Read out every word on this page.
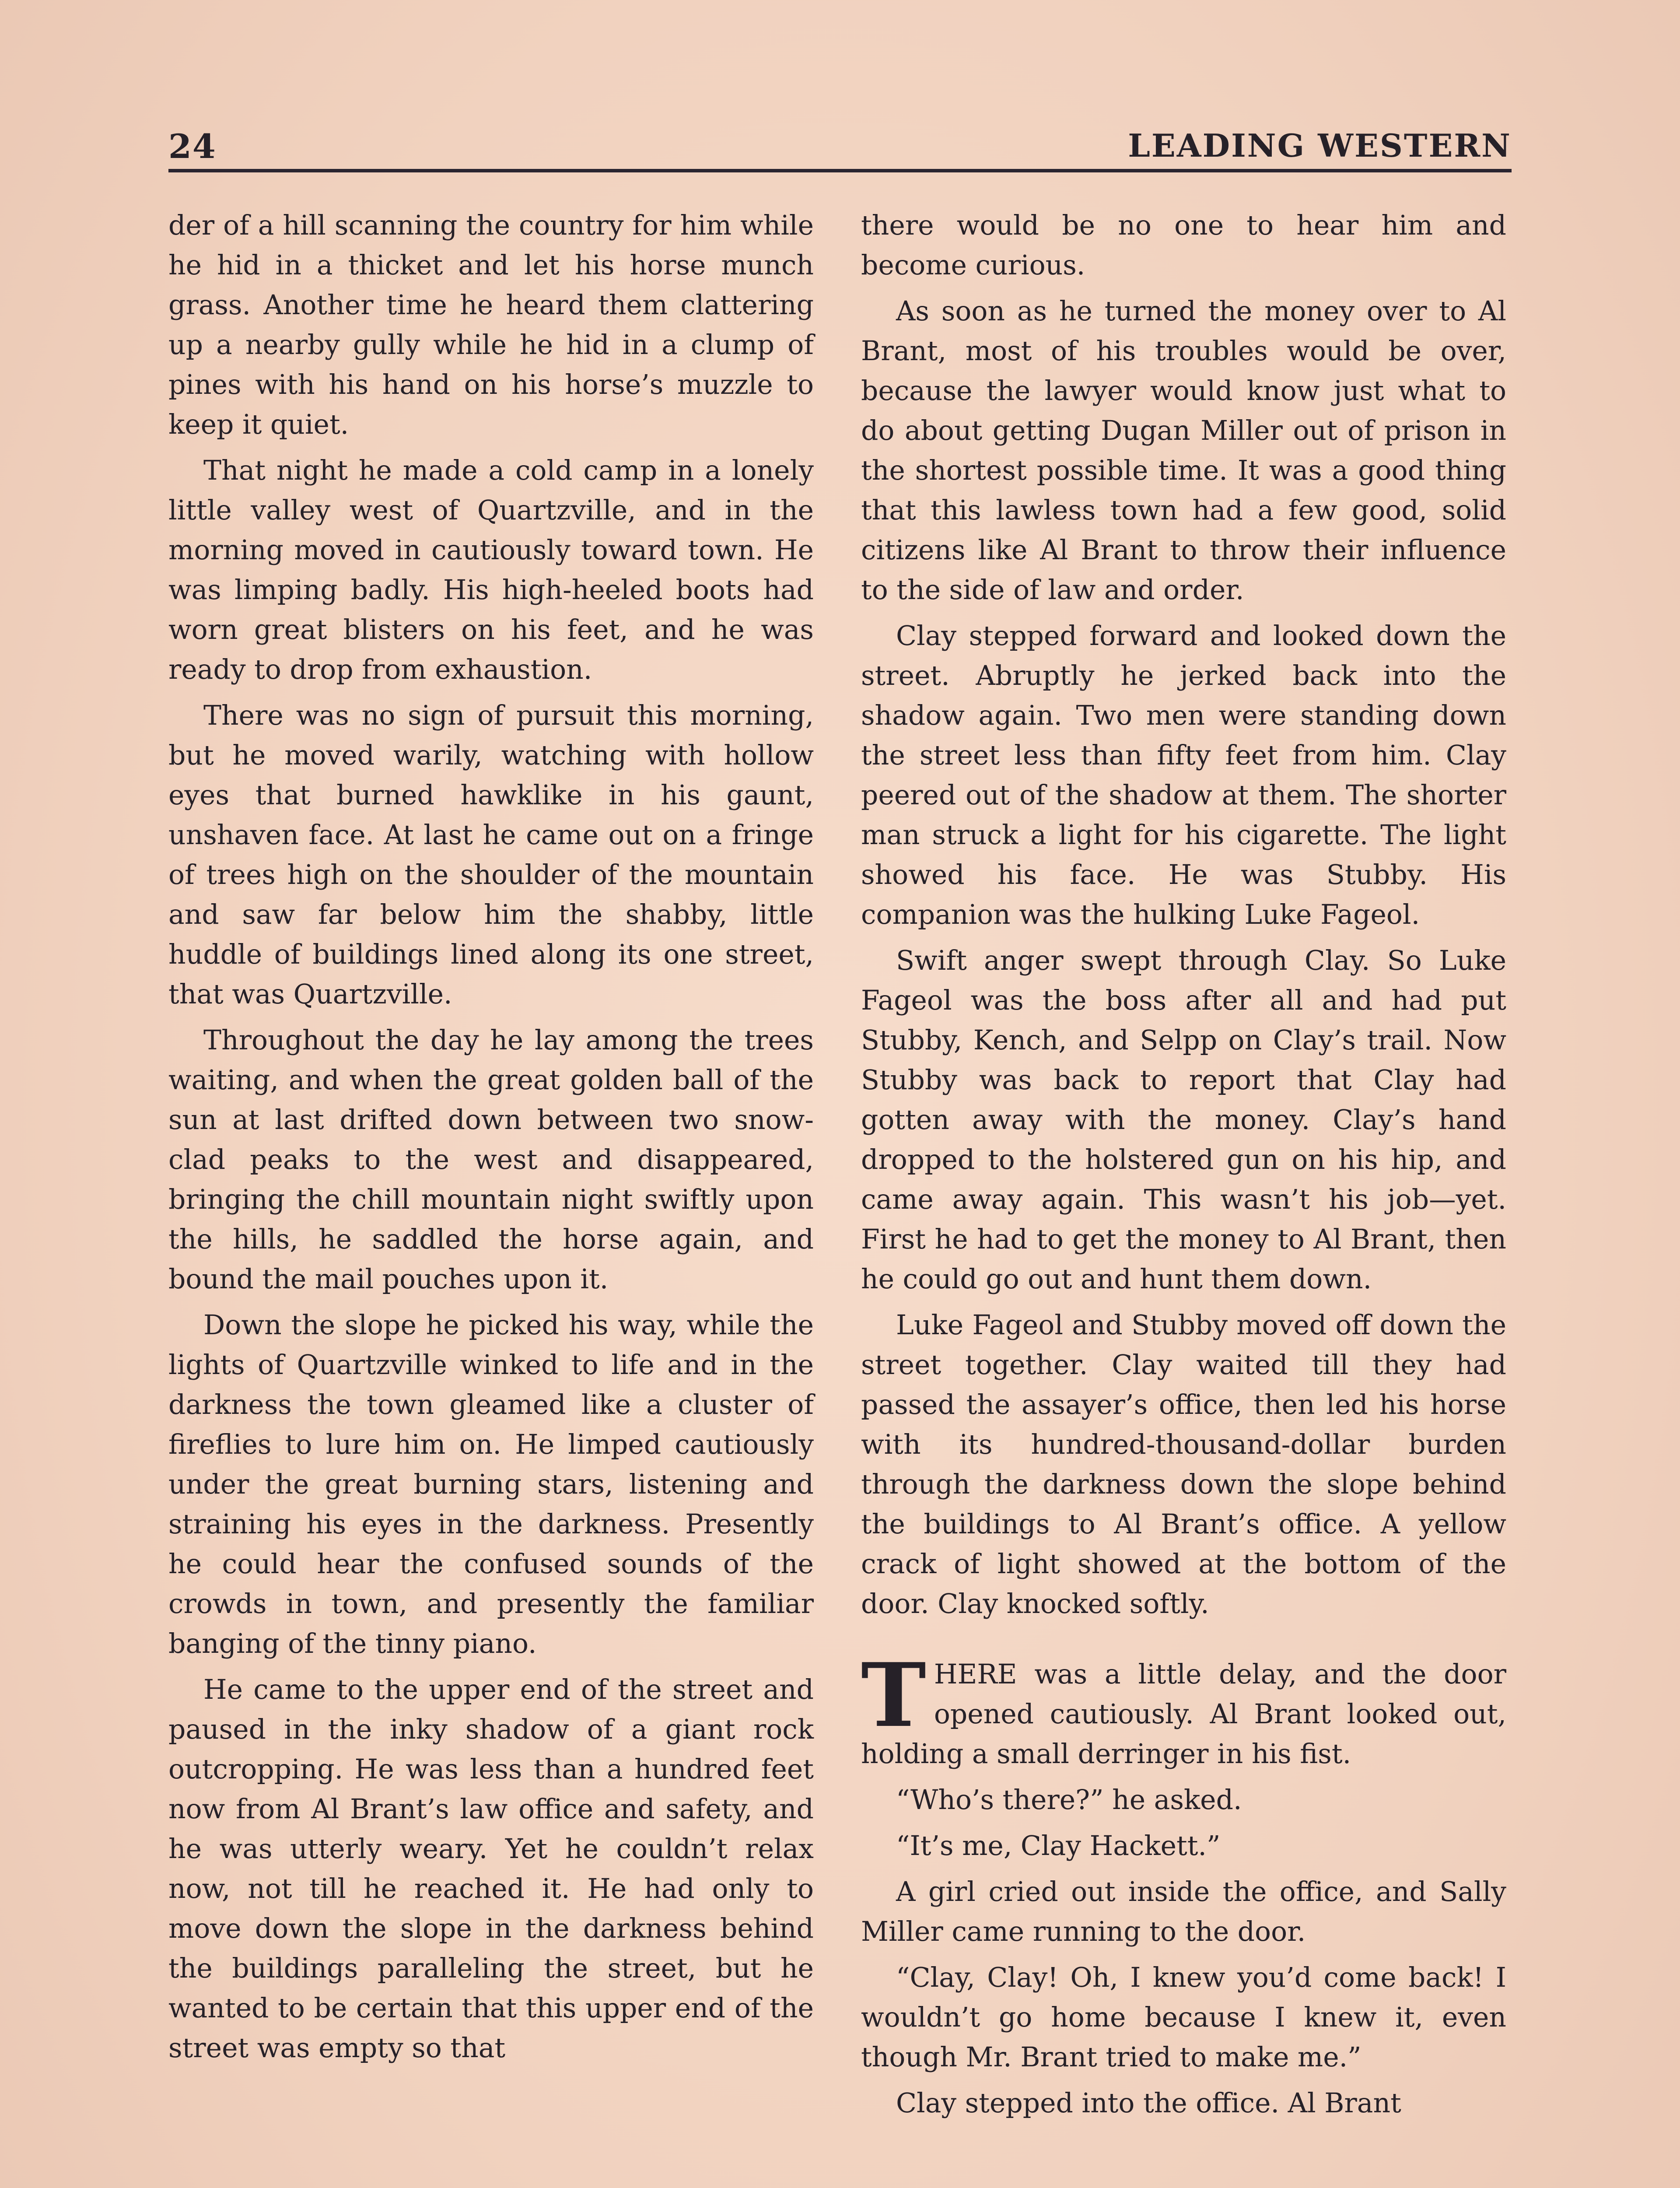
24	LEADING WESTERN

der of a hill scanning the country for him while he hid in a thicket and let his horse munch grass. Another time he heard them clattering up a nearby gully while he hid in a clump of pines with his hand on his horse’s muzzle to keep it quiet.

That night he made a cold camp in a lonely little valley west of Quartzville, and in the morning moved in cautiously toward town. He was limping badly. His high-heeled boots had worn great blisters on his feet, and he was ready to drop from exhaustion.

There was no sign of pursuit this morning, but he moved warily, watching with hollow eyes that burned hawklike in his gaunt, unshaven face. At last he came out on a fringe of trees high on the shoulder of the mountain and saw far below him the shabby, little huddle of buildings lined along its one street, that was Quartzville.

Throughout the day he lay among the trees waiting, and when the great golden ball of the sun at last drifted down between two snow-clad peaks to the west and disappeared, bringing the chill mountain night swiftly upon the hills, he saddled the horse again, and bound the mail pouches upon it.

Down the slope he picked his way, while the lights of Quartzville winked to life and in the darkness the town gleamed like a cluster of fireflies to lure him on. He limped cautiously under the great burning stars, listening and straining his eyes in the darkness. Presently he could hear the confused sounds of the crowds in town, and presently the familiar banging of the tinny piano.

He came to the upper end of the street and paused in the inky shadow of a giant rock outcropping. He was less than a hundred feet now from Al Brant’s law office and safety, and he was utterly weary. Yet he couldn’t relax now, not till he reached it. He had only to move down the slope in the darkness behind the buildings paralleling the street, but he wanted to be certain that this upper end of the street was empty so that

there would be no one to hear him and become curious.

As soon as he turned the money over to Al Brant, most of his troubles would be over, because the lawyer would know just what to do about getting Dugan Miller out of prison in the shortest possible time. It was a good thing that this lawless town had a few good, solid citizens like Al Brant to throw their influence to the side of law and order.

Clay stepped forward and looked down the street. Abruptly he jerked back into the shadow again. Two men were standing down the street less than fifty feet from him. Clay peered out of the shadow at them. The shorter man struck a light for his cigarette. The light showed his face. He was Stubby. His companion was the hulking Luke Fageol.

Swift anger swept through Clay. So Luke Fageol was the boss after all and had put Stubby, Kench, and Selpp on Clay’s trail. Now Stubby was back to report that Clay had gotten away with the money. Clay’s hand dropped to the holstered gun on his hip, and came away again. This wasn’t his job—yet. First he had to get the money to Al Brant, then he could go out and hunt them down.

Luke Fageol and Stubby moved off down the street together. Clay waited till they had passed the assayer’s office, then led his horse with its hundred-thousand-dollar burden through the darkness down the slope behind the buildings to Al Brant’s office. A yellow crack of light showed at the bottom of the door. Clay knocked softly.

THERE was a little delay, and the door opened cautiously. Al Brant looked out, holding a small derringer in his fist.

“Who’s there?” he asked.

“It’s me, Clay Hackett.”

A girl cried out inside the office, and Sally Miller came running to the door.

“Clay, Clay! Oh, I knew you’d come back! I wouldn’t go home because I knew it, even though Mr. Brant tried to make me.”

Clay stepped into the office. Al Brant
